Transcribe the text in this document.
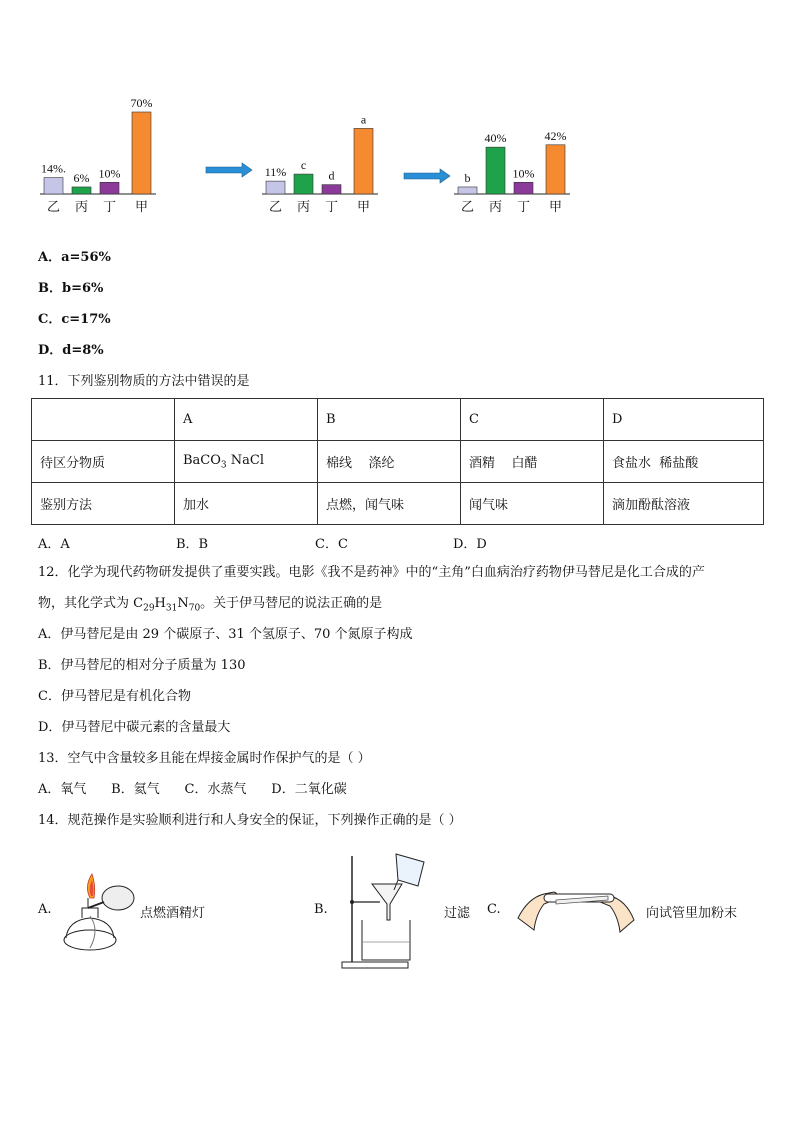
14%.
乙
6%
丙
10%
丁
70%
甲
11%
乙
c
丙
d
丁
a
甲
b
乙
40%
丙
10%
丁
42%
甲
A．a=56%
B．b=6%
C．c=17%
D．d=8%
11．下列鉴别物质的方法中错误的是
	A	B	C	D
待区分物质	BaCO$_3$ NaCl	棉线    涤纶	酒精    白醋	食盐水  稀盐酸
鉴别方法	加水	点燃，闻气味	闻气味	滴加酚酞溶液
A．A	B．B	C．C	D．D
12．化学为现代药物研发提供了重要实践。电影《我不是药神》中的“主角”白血病治疗药物伊马替尼是化工合成的产
物，其化学式为 $C_{29}H_{31}N_{70}$。关于伊马替尼的说法正确的是
A．伊马替尼是由 29 个碳原子、31 个氢原子、70 个氮原子构成
B．伊马替尼的相对分子质量为 130
C．伊马替尼是有机化合物
D．伊马替尼中碳元素的含量最大
13．空气中含量较多且能在焊接金属时作保护气的是（ ）
A．氧气      B．氦气      C．水蒸气      D．二氧化碳
14．规范操作是实验顺利进行和人身安全的保证，下列操作正确的是（ ）
A.	点燃酒精灯	B.	过滤 C.	向试管里加粉末
